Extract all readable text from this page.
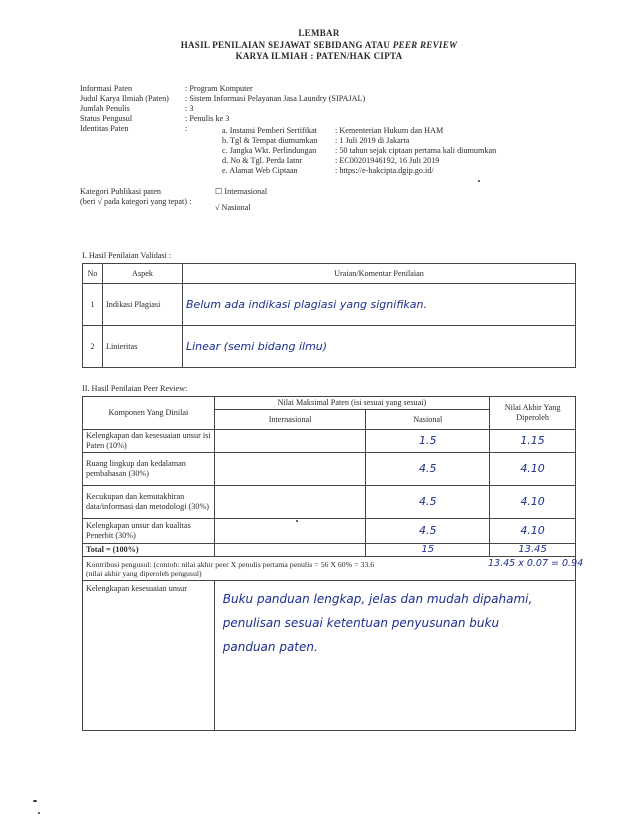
LEMBAR
HASIL PENILAIAN SEJAWAT SEBIDANG ATAU PEER REVIEW
KARYA ILMIAH : PATEN/HAK CIPTA
Informasi Paten	: Program Komputer
Judul Karya Ilmiah (Paten) : Sistem Informasi Pelayanan Jasa Laundry (SIPAJAL)
Jumlah Penulis	: 3
Status Pengusul	: Penulis ke 3
Identitas Paten	:	a. Instansi Pemberi Sertifikat : Kementerian Hukum dan HAM
b. Tgl & Tempat diumumkan : 1 Juli 2019 di Jakarta
c. Jangka Wkt. Perlindungan : 50 tahun sejak ciptaan pertama kali diumumkan
d. No & Tgl. Perda Iatnr	: EC00201946192, 16 Juli 2019
e. Alamat Web Ciptaan	: https://e-hakcipta.dgip.go.id/
Kategori Publikasi paten
(beri √ pada kategori yang tepat) :
☐ Internasional
√ Nasional
I. Hasil Penilaian Validasi :
No	Aspek	Uraian/Komentar Penilaian
1	Indikasi Plagiasi	Belum ada indikasi plagiasi yang signifikan.
2	Linieritas	Linear (semi bidang ilmu)
II. Hasil Penilaian Peer Review:
Komponen Yang Dinilai	Nilai Maksimal Paten (isi sesuai yang sesuai)		Nilai Akhir Yang Diperoleh
	Internasional	Nasional	
Kelengkapan dan kesesuaian unsur isi Paten (10%)		1.5	1.15
Ruang lingkup dan kedalaman pembahasan (30%)		4.5	4.10
Kecukupan dan kemutakhiran data/informasi dan metodologi (30%)		4.5	4.10
Kelengkapan unsur dan kualitas Penerbit (30%)		4.5	4.10
Total = (100%)		15	13.45
Kontribusi pengusul: (contoh: nilai akhir peer X penulis pertama penulis = 56 X 60% = 33.6
(nilai akhir yang diperoleh pengusul)			
Kelengkapan kesesuaian unsur	Buku panduan lengkap, jelas dan mudah dipahami,
penulisan sesuai ketentuan penyusunan buku
panduan paten.		
13.45 x 0.07 = 0.94
